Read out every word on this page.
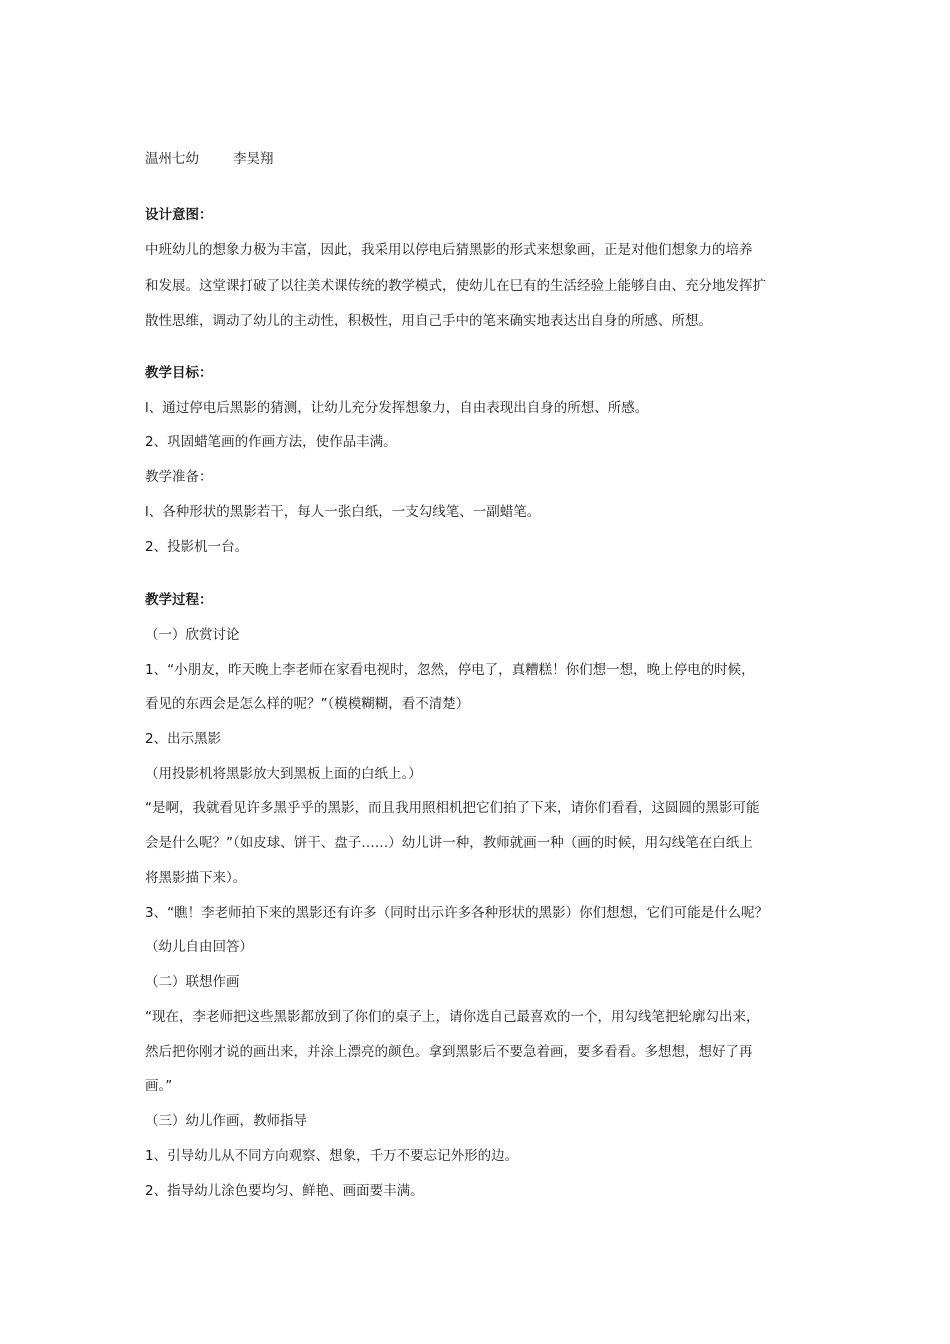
温州七幼	李昊翔
设计意图：
中班幼儿的想象力极为丰富，因此，我采用以停电后猜黑影的形式来想象画，正是对他们想象力的培养
和发展。这堂课打破了以往美术课传统的教学模式，使幼儿在巳有的生活经验上能够自由、充分地发挥扩
散性思维，调动了幼儿的主动性，积极性，用自己手中的笔来确实地表达出自身的所感、所想。
教学目标：
l、通过停电后黑影的猜测，让幼儿充分发挥想象力，自由表现出自身的所想、所感。
2、巩固蜡笔画的作画方法，使作品丰满。
教学准备：
l、各种形状的黑影若干，每人一张白纸，一支勾线笔、一副蜡笔。
2、投影机一台。
教学过程：
（一）欣赏讨论
1、“小朋友，昨天晚上李老师在家看电视时，忽然，停电了，真糟糕！你们想一想，晚上停电的时候，
看见的东西会是怎么样的呢？”（模模糊糊，看不清楚）
2、出示黑影
（用投影机将黑影放大到黑板上面的白纸上。）
“是啊，我就看见许多黑乎乎的黑影，而且我用照相机把它们拍了下来，请你们看看，这圆圆的黑影可能
会是什么呢？”（如皮球、饼干、盘子……）幼儿讲一种，教师就画一种（画的时候，用勾线笔在白纸上
将黑影描下来）。
3、“瞧！李老师拍下来的黑影还有许多（同时出示许多各种形状的黑影）你们想想，它们可能是什么呢？
（幼儿自由回答）
（二）联想作画
“现在，李老师把这些黑影都放到了你们的桌子上，请你选自己最喜欢的一个，用勾线笔把轮廓勾出来，
然后把你刚才说的画出来，并涂上漂亮的颜色。拿到黑影后不要急着画，要多看看。多想想，想好了再
画。”
（三）幼儿作画，教师指导
1、引导幼儿从不同方向观察、想象，千万不要忘记外形的边。
2、指导幼儿涂色要均匀、鲜艳、画面要丰满。
